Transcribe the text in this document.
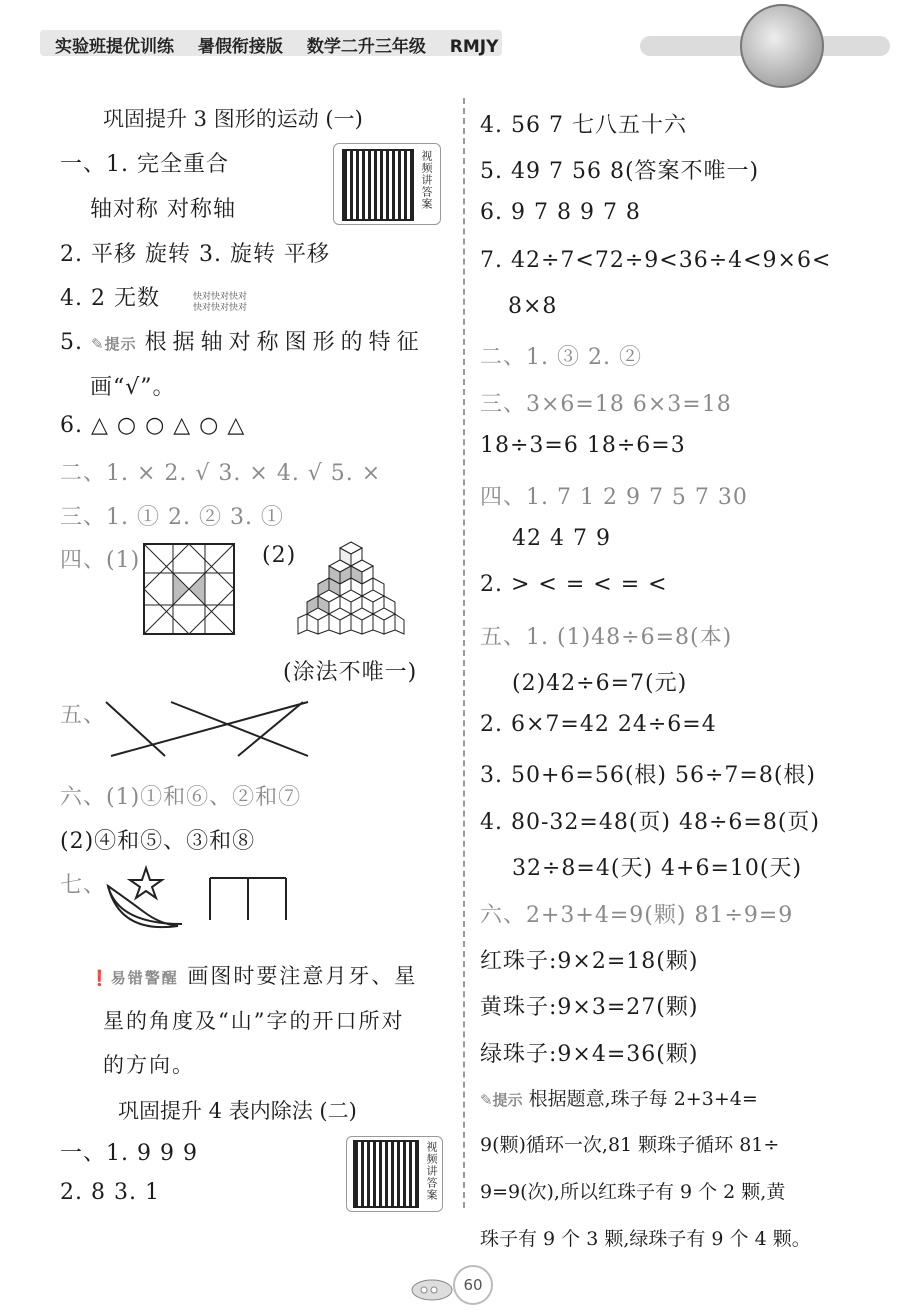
实验班提优训练 暑假衔接版 数学二升三年级 RMJY
巩固提升 3 图形的运动 (一)
一、1. 完全重合	视频讲答案
轴对称 对称轴
2. 平移 旋转 3. 旋转 平移
4. 2 无数	快对快对快对
快对快对快对
5. ✎提示 根据轴对称图形的特征
画“√”。
6. △ ○ ○ △ ○ △
二、1. × 2. √ 3. × 4. √ 5. ×
三、1. ① 2. ② 3. ①
四、(1)	(2)
(涂法不唯一)
五、
六、(1)①和⑥、②和⑦
(2)④和⑤、③和⑧
七、
❗易错警醒 画图时要注意月牙、星
星的角度及“山”字的开口所对
的方向。
巩固提升 4 表内除法 (二)
一、1. 9 9 9
2. 8 3. 1	视频讲答案
4. 56 7 七八五十六
5. 49 7 56 8(答案不唯一)
6. 9 7 8 9 7 8
7. 42÷7<72÷9<36÷4<9×6<
8×8
二、1. ③ 2. ②
三、3×6=18 6×3=18
18÷3=6 18÷6=3
四、1. 7 1 2 9 7 5 7 30
42 4 7 9
2. > < = < = <
五、1. (1)48÷6=8(本)
(2)42÷6=7(元)
2. 6×7=42 24÷6=4
3. 50+6=56(根) 56÷7=8(根)
4. 80-32=48(页) 48÷6=8(页)
32÷8=4(天) 4+6=10(天)
六、2+3+4=9(颗) 81÷9=9
红珠子:9×2=18(颗)
黄珠子:9×3=27(颗)
绿珠子:9×4=36(颗)
✎提示 根据题意,珠子每 2+3+4=
9(颗)循环一次,81 颗珠子循环 81÷
9=9(次),所以红珠子有 9 个 2 颗,黄
珠子有 9 个 3 颗,绿珠子有 9 个 4 颗。
60
